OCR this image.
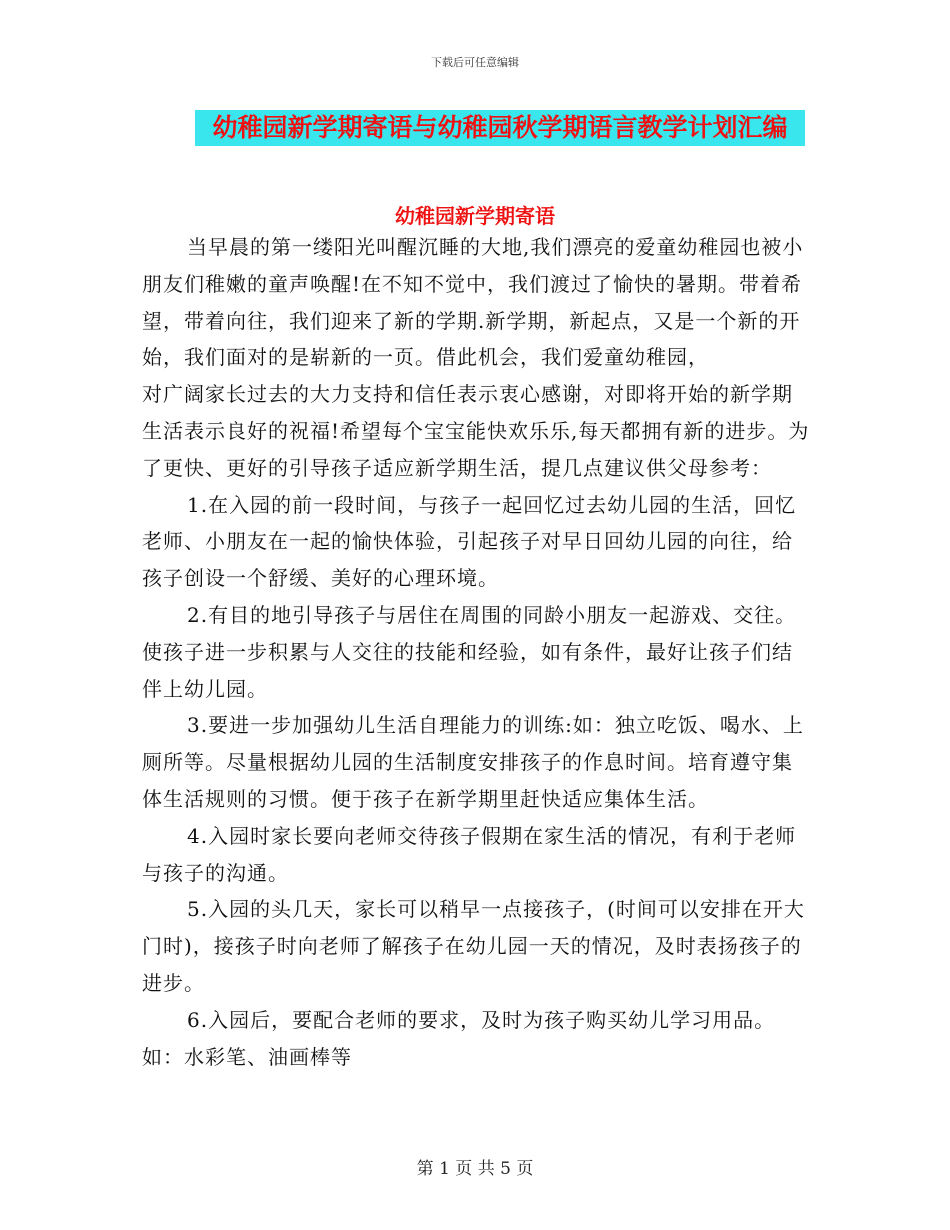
下载后可任意编辑
幼稚园新学期寄语与幼稚园秋学期语言教学计划汇编
幼稚园新学期寄语

当早晨的第一缕阳光叫醒沉睡的大地,我们漂亮的爱童幼稚园也被小朋友们稚嫩的童声唤醒!在不知不觉中，我们渡过了愉快的暑期。带着希望，带着向往，我们迎来了新的学期.新学期，新起点，又是一个新的开始，我们面对的是崭新的一页。借此机会，我们爱童幼稚园，

对广阔家长过去的大力支持和信任表示衷心感谢，对即将开始的新学期生活表示良好的祝福!希望每个宝宝能快欢乐乐,每天都拥有新的进步。为了更快、更好的引导孩子适应新学期生活，提几点建议供父母参考：

1.在入园的前一段时间，与孩子一起回忆过去幼儿园的生活，回忆老师、小朋友在一起的愉快体验，引起孩子对早日回幼儿园的向往，给孩子创设一个舒缓、美好的心理环境。

2.有目的地引导孩子与居住在周围的同龄小朋友一起游戏、交往。使孩子进一步积累与人交往的技能和经验，如有条件，最好让孩子们结伴上幼儿园。

3.要进一步加强幼儿生活自理能力的训练:如：独立吃饭、喝水、上厕所等。尽量根据幼儿园的生活制度安排孩子的作息时间。培育遵守集体生活规则的习惯。便于孩子在新学期里赶快适应集体生活。

4.入园时家长要向老师交待孩子假期在家生活的情况，有利于老师与孩子的沟通。

5.入园的头几天，家长可以稍早一点接孩子，(时间可以安排在开大门时)，接孩子时向老师了解孩子在幼儿园一天的情况，及时表扬孩子的进步。

6.入园后，要配合老师的要求，及时为孩子购买幼儿学习用品。如：水彩笔、油画棒等

第 1 页 共 5 页
